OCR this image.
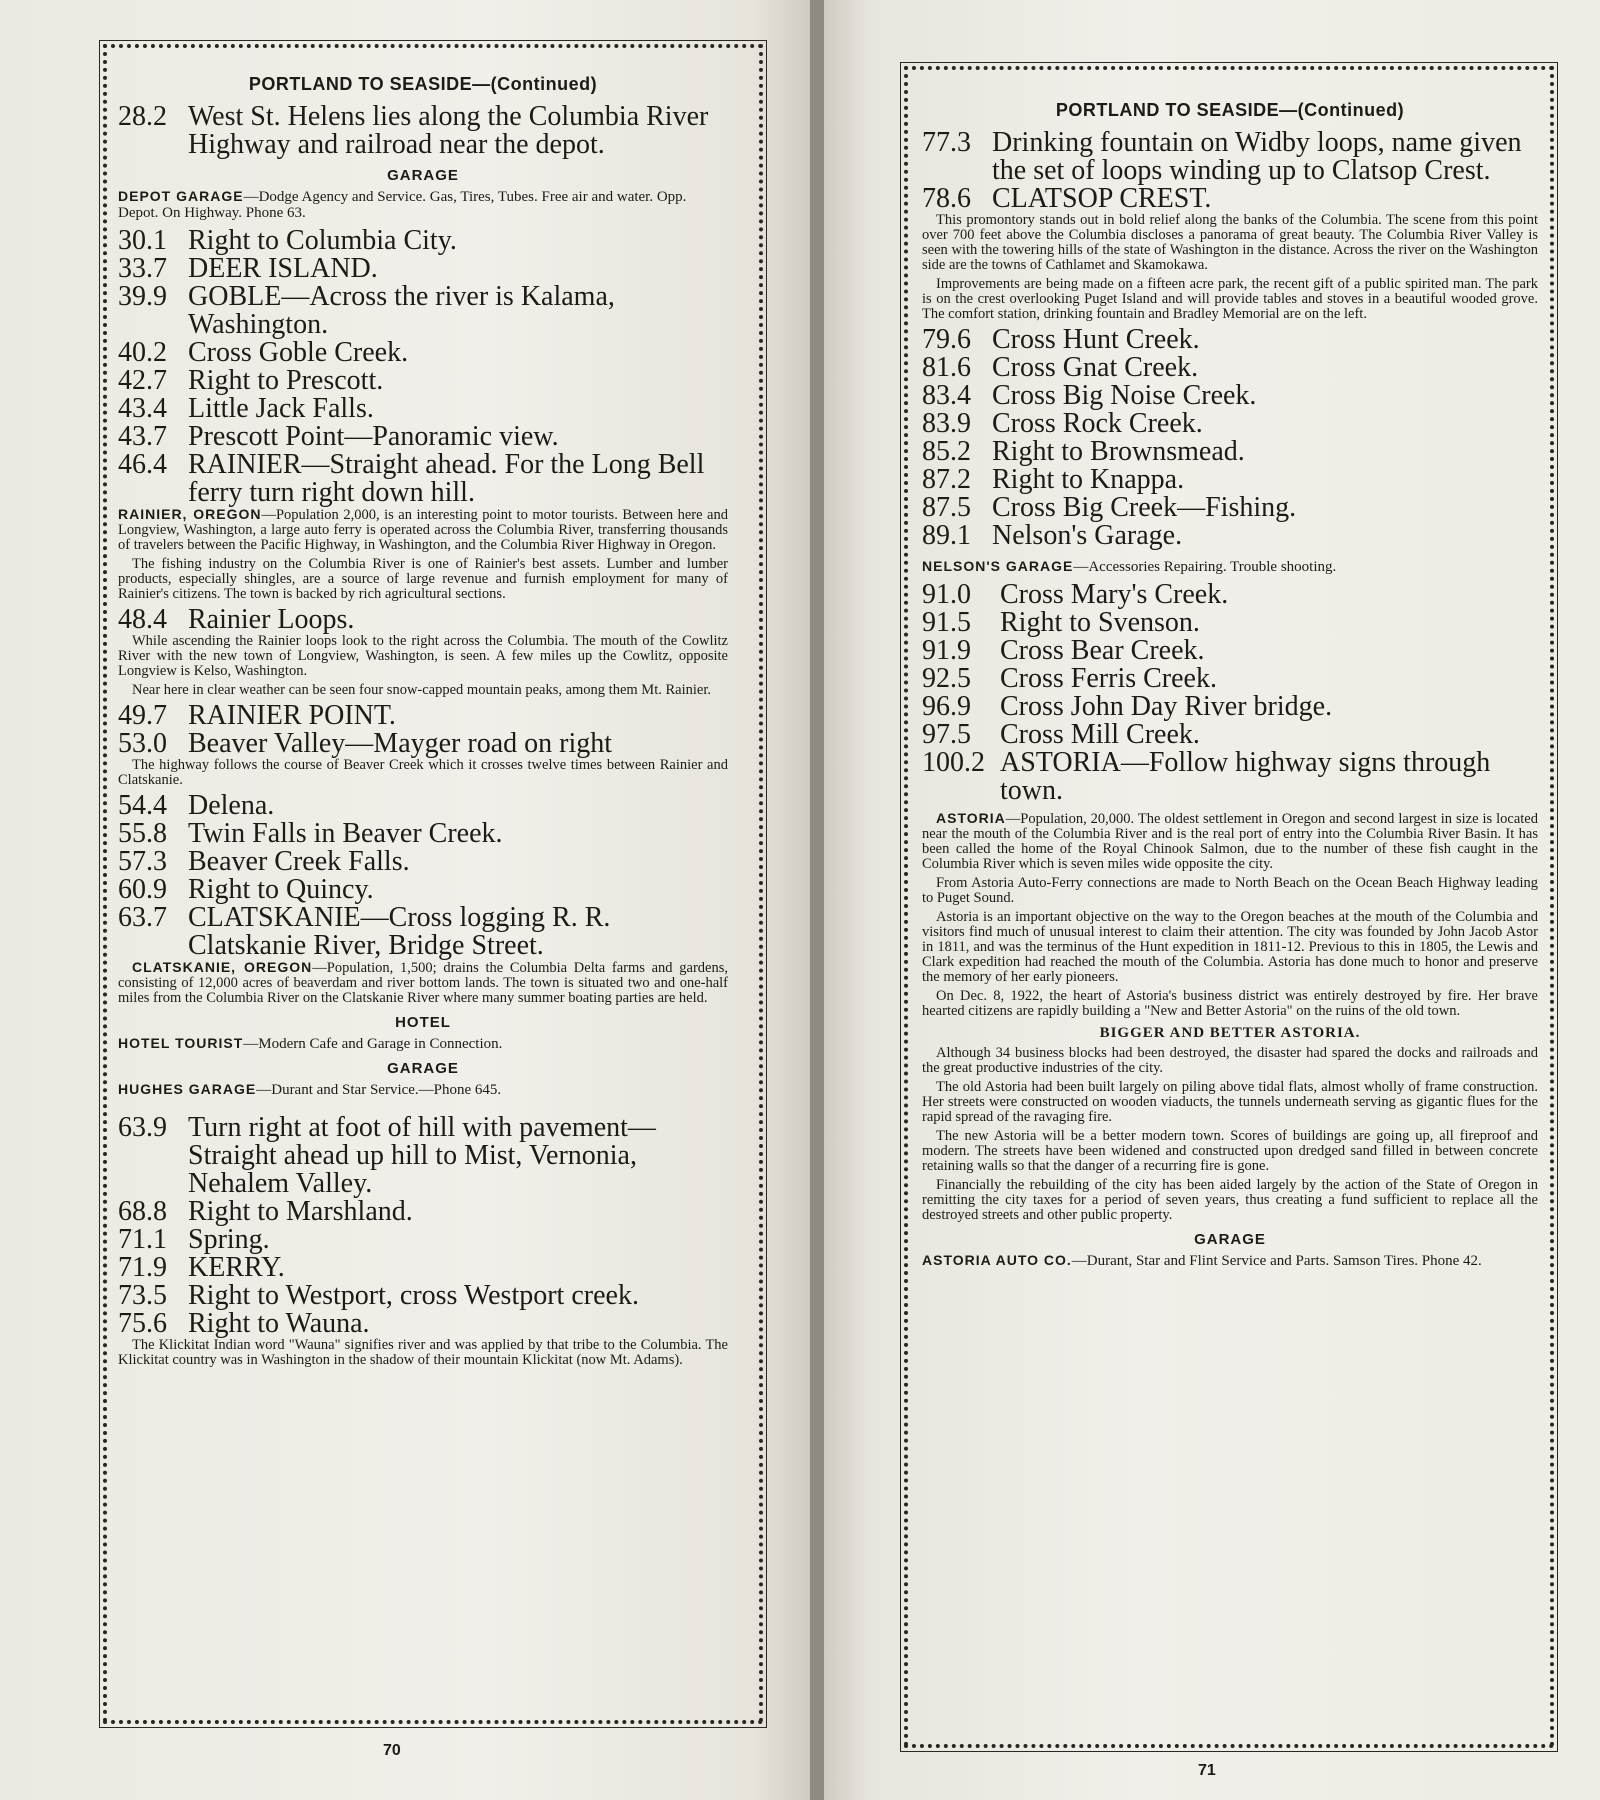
PORTLAND TO SEASIDE—(Continued)
28.2 West St. Helens lies along the Columbia River Highway and railroad near the depot.
GARAGE

DEPOT GARAGE—Dodge Agency and Service. Gas, Tires, Tubes. Free air and water. Opp. Depot. On Highway. Phone 63.

30.1 Right to Columbia City.
33.7 DEER ISLAND.
39.9 GOBLE—Across the river is Kalama, Washington.
40.2 Cross Goble Creek.
42.7 Right to Prescott.
43.4 Little Jack Falls.
43.7 Prescott Point—Panoramic view.
46.4 RAINIER—Straight ahead. For the Long Bell ferry turn right down hill.

RAINIER, OREGON—Population 2,000, is an interesting point to motor tourists. Between here and Longview, Washington, a large auto ferry is operated across the Columbia River, transferring thousands of travelers between the Pacific Highway, in Washington, and the Columbia River Highway in Oregon.

The fishing industry on the Columbia River is one of Rainier's best assets. Lumber and lumber products, especially shingles, are a source of large revenue and furnish employment for many of Rainier's citizens. The town is backed by rich agricultural sections.

48.4 Rainier Loops.

While ascending the Rainier loops look to the right across the Columbia. The mouth of the Cowlitz River with the new town of Longview, Washington, is seen. A few miles up the Cowlitz, opposite Longview is Kelso, Washington.

Near here in clear weather can be seen four snow-capped mountain peaks, among them Mt. Rainier.

49.7 RAINIER POINT.
53.0 Beaver Valley—Mayger road on right

The highway follows the course of Beaver Creek which it crosses twelve times between Rainier and Clatskanie.

54.4 Delena.
55.8 Twin Falls in Beaver Creek.
57.3 Beaver Creek Falls.
60.9 Right to Quincy.
63.7 CLATSKANIE—Cross logging R. R. Clatskanie River, Bridge Street.

CLATSKANIE, OREGON—Population, 1,500; drains the Columbia Delta farms and gardens, consisting of 12,000 acres of beaverdam and river bottom lands. The town is situated two and one-half miles from the Columbia River on the Clatskanie River where many summer boating parties are held.

HOTEL

HOTEL TOURIST—Modern Cafe and Garage in Connection.

GARAGE

HUGHES GARAGE—Durant and Star Service.—Phone 645.

63.9 Turn right at foot of hill with pavement—Straight ahead up hill to Mist, Vernonia, Nehalem Valley.
68.8 Right to Marshland.
71.1 Spring.
71.9 KERRY.
73.5 Right to Westport, cross Westport creek.
75.6 Right to Wauna.

The Klickitat Indian word "Wauna" signifies river and was applied by that tribe to the Columbia. The Klickitat country was in Washington in the shadow of their mountain Klickitat (now Mt. Adams).

70
PORTLAND TO SEASIDE—(Continued)
77.3 Drinking fountain on Widby loops, name given the set of loops winding up to Clatsop Crest.
78.6 CLATSOP CREST.

This promontory stands out in bold relief along the banks of the Columbia. The scene from this point over 700 feet above the Columbia discloses a panorama of great beauty. The Columbia River Valley is seen with the towering hills of the state of Washington in the distance. Across the river on the Washington side are the towns of Cathlamet and Skamokawa.

Improvements are being made on a fifteen acre park, the recent gift of a public spirited man. The park is on the crest overlooking Puget Island and will provide tables and stoves in a beautiful wooded grove. The comfort station, drinking fountain and Bradley Memorial are on the left.

79.6 Cross Hunt Creek.
81.6 Cross Gnat Creek.
83.4 Cross Big Noise Creek.
83.9 Cross Rock Creek.
85.2 Right to Brownsmead.
87.2 Right to Knappa.
87.5 Cross Big Creek—Fishing.
89.1 Nelson's Garage.

NELSON'S GARAGE—Accessories Repairing. Trouble shooting.

91.0	Cross Mary's Creek.
91.5	Right to Svenson.
91.9	Cross Bear Creek.
92.5	Cross Ferris Creek.
96.9	Cross John Day River bridge.
97.5	Cross Mill Creek.
100.2 ASTORIA—Follow highway signs through town.

ASTORIA—Population, 20,000. The oldest settlement in Oregon and second largest in size is located near the mouth of the Columbia River and is the real port of entry into the Columbia River Basin. It has been called the home of the Royal Chinook Salmon, due to the number of these fish caught in the Columbia River which is seven miles wide opposite the city.

From Astoria Auto-Ferry connections are made to North Beach on the Ocean Beach Highway leading to Puget Sound.

Astoria is an important objective on the way to the Oregon beaches at the mouth of the Columbia and visitors find much of unusual interest to claim their attention. The city was founded by John Jacob Astor in 1811, and was the terminus of the Hunt expedition in 1811-12. Previous to this in 1805, the Lewis and Clark expedition had reached the mouth of the Columbia. Astoria has done much to honor and preserve the memory of her early pioneers.

On Dec. 8, 1922, the heart of Astoria's business district was entirely destroyed by fire. Her brave hearted citizens are rapidly building a "New and Better Astoria" on the ruins of the old town.

BIGGER AND BETTER ASTORIA.

Although 34 business blocks had been destroyed, the disaster had spared the docks and railroads and the great productive industries of the city.

The old Astoria had been built largely on piling above tidal flats, almost wholly of frame construction. Her streets were constructed on wooden viaducts, the tunnels underneath serving as gigantic flues for the rapid spread of the ravaging fire.

The new Astoria will be a better modern town. Scores of buildings are going up, all fireproof and modern. The streets have been widened and constructed upon dredged sand filled in between concrete retaining walls so that the danger of a recurring fire is gone.

Financially the rebuilding of the city has been aided largely by the action of the State of Oregon in remitting the city taxes for a period of seven years, thus creating a fund sufficient to replace all the destroyed streets and other public property.

GARAGE

ASTORIA AUTO CO.—Durant, Star and Flint Service and Parts. Samson Tires. Phone 42.

71
